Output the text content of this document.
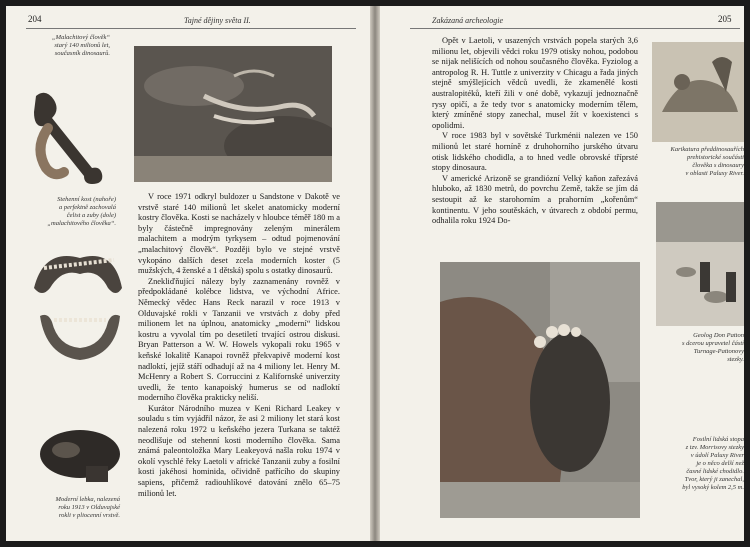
204	Tajné dějiny světa II.
„Malachitový člověk“
starý 140 milionů let,
současník dinosaurů.
Stehenní kost (nahoře)
a perfektně zachovalá
čelist a zuby (dole)
„malachitového člověka“.
Moderní lebka, nalezená
roku 1913 v Olduvajské
rokli v pliocenní vrstvě.

V roce 1971 odkryl buldozer u Sandstone v Dakotě ve vrstvě staré 140 milionů let skelet anatomicky moderní kostry člověka. Kosti se nacházely v hloubce téměř 180 m a byly částečně impregnovány zeleným minerálem malachitem a modrým tyrkysem – odtud pojmenování „malachitový člověk“. Později bylo ve stejné vrstvě vykopáno dalších deset zcela moderních koster (5 mužských, 4 ženské a 1 dětská) spolu s ostatky dinosaurů.

Znekliďňující nálezy byly zaznamenány rovněž v předpokládané kolébce lidstva, ve východní Africe. Německý vědec Hans Reck narazil v roce 1913 v Olduvajské rokli v Tanzanii ve vrstvách z doby před milionem let na úplnou, anatomicky „moderní“ lidskou kostru a vyvolal tím po desetiletí trvající ostrou diskusi. Bryan Patterson a W. W. Howels vykopali roku 1965 v keňské lokalitě Kanapoi rovněž překvapivě moderní kost nadloktí, jejíž stáří odhadují až na 4 miliony let. Henry M. McHenry a Robert S. Corruccini z Kalifornské univerzity uvedli, že tento kanapoiský humerus se od nadloktí moderního člověka prakticky neliší.

Kurátor Národního muzea v Keni Richard Leakey v souladu s tím vyjádřil názor, že asi 2 miliony let stará kost nalezená roku 1972 u keňského jezera Turkana se taktéž neodlišuje od stehenní kosti moderního člověka. Sama známá paleontoložka Mary Leakeyová našla roku 1974 v okolí vyschlé řeky Laetoli v africké Tanzanii zuby a fosilní kosti jakéhosi hominida, očividně patřícího do skupiny sapiens, přičemž radiouhlíkové datování znělo 65–75 milionů let.

Zakázaná archeologie	205

Opět v Laetoli, v usazených vrstvách popela starých 3,6 milionu let, objevili vědci roku 1979 otisky nohou, podobou se nijak nelišících od nohou současného člověka. Fyziolog a antropolog R. H. Tuttle z univerzity v Chicagu a řada jiných stejně smýšlejících vědců uvedli, že zkamenělé kosti australopitéků, kteří žili v oné době, vykazují jednoznačně rysy opičí, a že tedy tvor s anatomicky moderním tělem, který zmíněné stopy zanechal, musel žít v koexistenci s opolidmi.

V roce 1983 byl v sovětské Turkménii nalezen ve 150 milionů let staré horníně z druhohorního jurského útvaru otisk lidského chodidla, a to hned vedle obrovské tříprsté stopy dinosaura.

V americké Arizoně se grandiózní Velký kaňon zařezává hluboko, až 1830 metrů, do povrchu Země, takže se jím dá sestoupit až ke starohorním a prahorním „kořenům“ kontinentu. V jeho soutěskách, v útvarech z období permu, odhalila roku 1924 Do-

Karikatura předdinosauřích
prehistorické součásti
člověka s dinosaury
v oblasti Paluxy River.
Geolog Don Patton
s dcerou upravetel částí
Turnage-Pattonovy
stezky.
Fosilní lidská stopa
z tzv. Morrisovy stezky
v údolí Paluxy River
je o něco delší než
časné lidské chodidlo.
Tvor, který ji zanechal,
byl vysoký kolem 2,5 m.
